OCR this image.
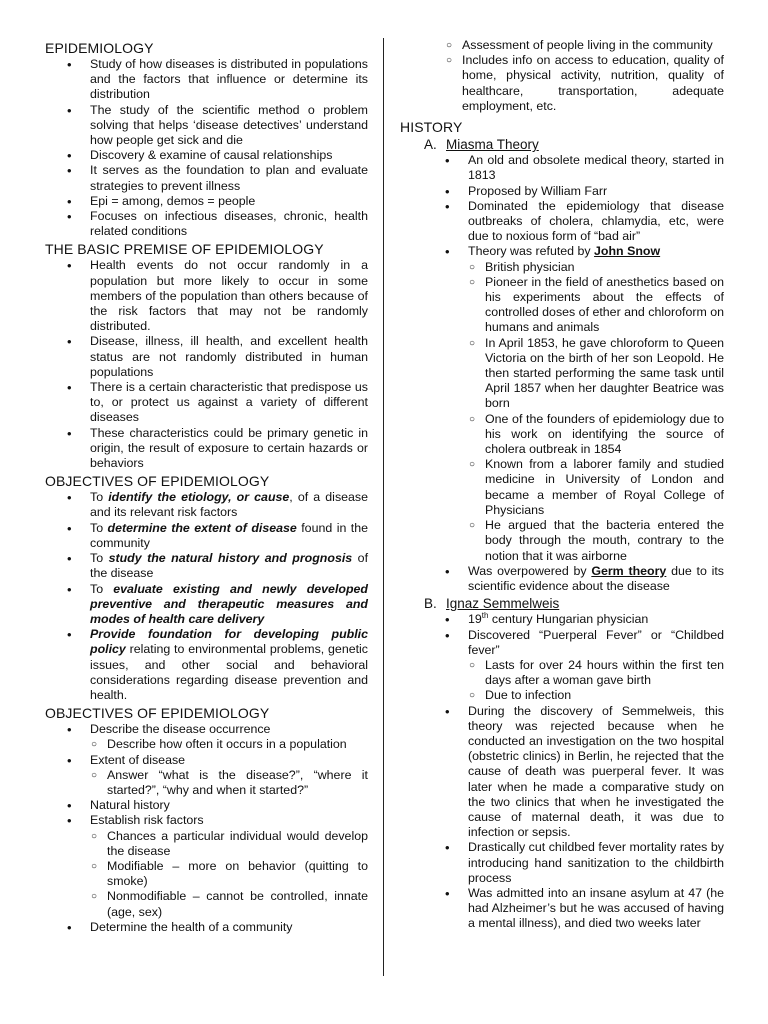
EPIDEMIOLOGY
• Study of how diseases is distributed in populations and the factors that influence or determine its distribution
• The study of the scientific method o problem solving that helps ‘disease detectives’ understand how people get sick and die
• Discovery & examine of causal relationships
• It serves as the foundation to plan and evaluate strategies to prevent illness
• Epi = among, demos = people
• Focuses on infectious diseases, chronic, health related conditions
THE BASIC PREMISE OF EPIDEMIOLOGY
• Health events do not occur randomly in a population but more likely to occur in some members of the population than others because of the risk factors that may not be randomly distributed.
• Disease, illness, ill health, and excellent health status are not randomly distributed in human populations
• There is a certain characteristic that predispose us to, or protect us against a variety of different diseases
• These characteristics could be primary genetic in origin, the result of exposure to certain hazards or behaviors
OBJECTIVES OF EPIDEMIOLOGY
• To identify the etiology, or cause, of a disease and its relevant risk factors
• To determine the extent of disease found in the community
• To study the natural history and prognosis of the disease
• To evaluate existing and newly developed preventive and therapeutic measures and modes of health care delivery
• Provide foundation for developing public policy relating to environmental problems, genetic issues, and other social and behavioral considerations regarding disease prevention and health.
OBJECTIVES OF EPIDEMIOLOGY
• Describe the disease occurrence
○ Describe how often it occurs in a population
• Extent of disease
○ Answer “what is the disease?”, “where it started?”, “why and when it started?”
• Natural history
• Establish risk factors
○ Chances a particular individual would develop the disease
○ Modifiable – more on behavior (quitting to smoke)
○ Nonmodifiable – cannot be controlled, innate (age, sex)
• Determine the health of a community
○ Assessment of people living in the community
○ Includes info on access to education, quality of home, physical activity, nutrition, quality of healthcare, transportation, adequate employment, etc.
HISTORY
A. Miasma Theory
• An old and obsolete medical theory, started in 1813
• Proposed by William Farr
• Dominated the epidemiology that disease outbreaks of cholera, chlamydia, etc, were due to noxious form of “bad air”
• Theory was refuted by John Snow
○ British physician
○ Pioneer in the field of anesthetics based on his experiments about the effects of controlled doses of ether and chloroform on humans and animals
○ In April 1853, he gave chloroform to Queen Victoria on the birth of her son Leopold. He then started performing the same task until April 1857 when her daughter Beatrice was born
○ One of the founders of epidemiology due to his work on identifying the source of cholera outbreak in 1854
○ Known from a laborer family and studied medicine in University of London and became a member of Royal College of Physicians
○ He argued that the bacteria entered the body through the mouth, contrary to the notion that it was airborne
• Was overpowered by Germ theory due to its scientific evidence about the disease
B. Ignaz Semmelweis
• 19th century Hungarian physician
• Discovered “Puerperal Fever” or “Childbed fever”
○ Lasts for over 24 hours within the first ten days after a woman gave birth
○ Due to infection
• During the discovery of Semmelweis, this theory was rejected because when he conducted an investigation on the two hospital (obstetric clinics) in Berlin, he rejected that the cause of death was puerperal fever. It was later when he made a comparative study on the two clinics that when he investigated the cause of maternal death, it was due to infection or sepsis.
• Drastically cut childbed fever mortality rates by introducing hand sanitization to the childbirth process
• Was admitted into an insane asylum at 47 (he had Alzheimer’s but he was accused of having a mental illness), and died two weeks later
